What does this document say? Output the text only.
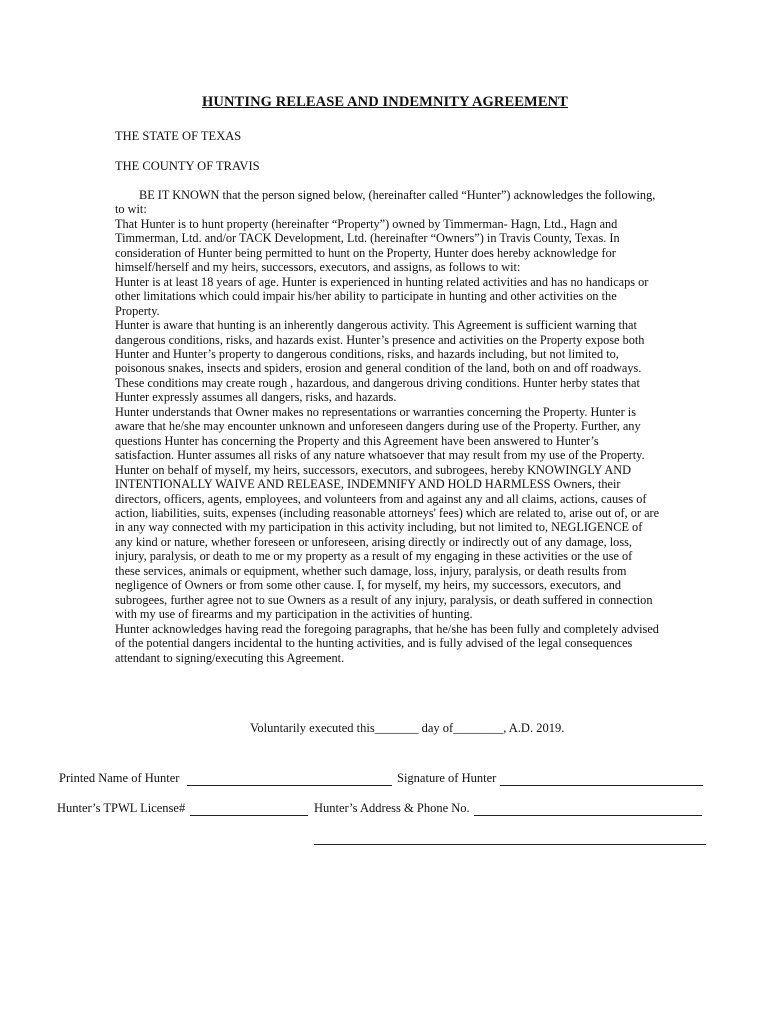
HUNTING RELEASE AND INDEMNITY AGREEMENT
THE STATE OF TEXAS
THE COUNTY OF TRAVIS

BE IT KNOWN that the person signed below, (hereinafter called “Hunter”) acknowledges the following, to wit:

That Hunter is to hunt property (hereinafter “Property”) owned by Timmerman- Hagn, Ltd., Hagn and Timmerman, Ltd. and/or TACK Development, Ltd. (hereinafter “Owners”) in Travis County, Texas. In consideration of Hunter being permitted to hunt on the Property, Hunter does hereby acknowledge for himself/herself and my heirs, successors, executors, and assigns, as follows to wit:

Hunter is at least 18 years of age. Hunter is experienced in hunting related activities and has no handicaps or other limitations which could impair his/her ability to participate in hunting and other activities on the Property.

Hunter is aware that hunting is an inherently dangerous activity. This Agreement is sufficient warning that dangerous conditions, risks, and hazards exist. Hunter’s presence and activities on the Property expose both Hunter and Hunter’s property to dangerous conditions, risks, and hazards including, but not limited to, poisonous snakes, insects and spiders, erosion and general condition of the land, both on and off roadways. These conditions may create rough , hazardous, and dangerous driving conditions. Hunter herby states that Hunter expressly assumes all dangers, risks, and hazards.

Hunter understands that Owner makes no representations or warranties concerning the Property. Hunter is aware that he/she may encounter unknown and unforeseen dangers during use of the Property. Further, any questions Hunter has concerning the Property and this Agreement have been answered to Hunter’s satisfaction. Hunter assumes all risks of any nature whatsoever that may result from my use of the Property.

Hunter on behalf of myself, my heirs, successors, executors, and subrogees, hereby KNOWINGLY AND INTENTIONALLY WAIVE AND RELEASE, INDEMNIFY AND HOLD HARMLESS Owners, their directors, officers, agents, employees, and volunteers from and against any and all claims, actions, causes of action, liabilities, suits, expenses (including reasonable attorneys' fees) which are related to, arise out of, or are in any way connected with my participation in this activity including, but not limited to, NEGLIGENCE of any kind or nature, whether foreseen or unforeseen, arising directly or indirectly out of any damage, loss, injury, paralysis, or death to me or my property as a result of my engaging in these activities or the use of these services, animals or equipment, whether such damage, loss, injury, paralysis, or death results from negligence of Owners or from some other cause. I, for myself, my heirs, my successors, executors, and subrogees, further agree not to sue Owners as a result of any injury, paralysis, or death suffered in connection with my use of firearms and my participation in the activities of hunting.

Hunter acknowledges having read the foregoing paragraphs, that he/she has been fully and completely advised of the potential dangers incidental to the hunting activities, and is fully advised of the legal consequences attendant to signing/executing this Agreement.

Voluntarily executed this_______ day of________, A.D. 2019.
Printed Name of Hunter	Signature of Hunter
Hunter’s TPWL License#	Hunter’s Address & Phone No.
